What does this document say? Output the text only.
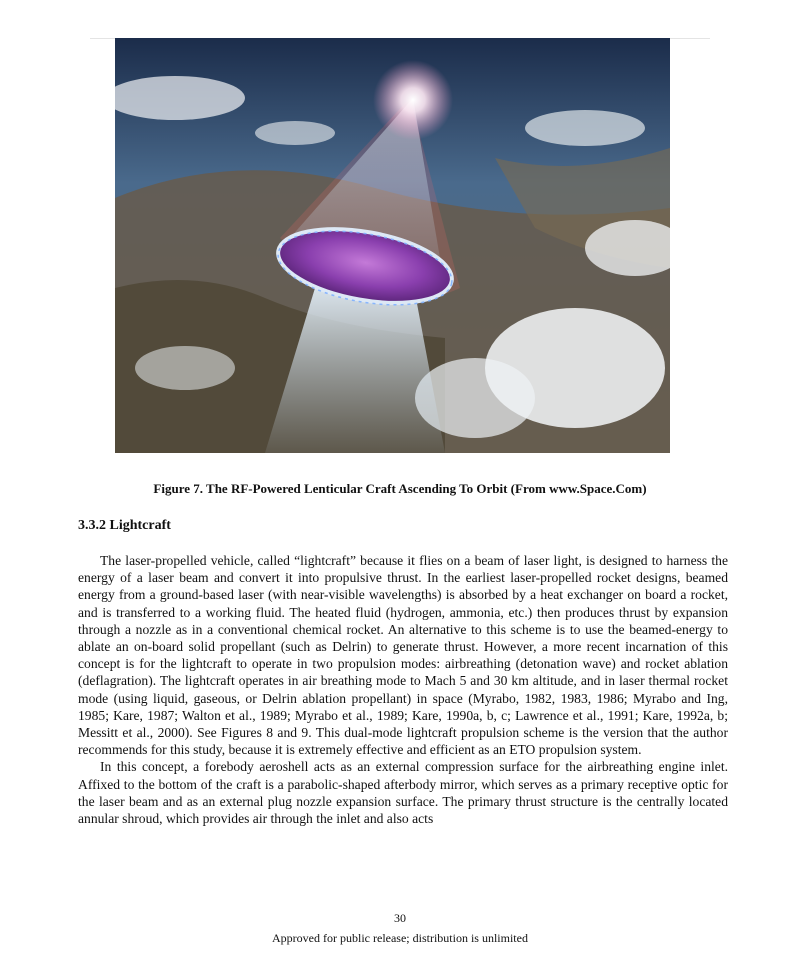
Figure 7. The RF-Powered Lenticular Craft Ascending To Orbit (From www.Space.Com)
3.3.2 Lightcraft

The laser-propelled vehicle, called “lightcraft” because it flies on a beam of laser light, is designed to harness the energy of a laser beam and convert it into propulsive thrust. In the earliest laser-propelled rocket designs, beamed energy from a ground-based laser (with near-visible wavelengths) is absorbed by a heat exchanger on board a rocket, and is transferred to a working fluid. The heated fluid (hydrogen, ammonia, etc.) then produces thrust by expansion through a nozzle as in a conventional chemical rocket. An alternative to this scheme is to use the beamed-energy to ablate an on-board solid propellant (such as Delrin) to generate thrust. However, a more recent incarnation of this concept is for the lightcraft to operate in two propulsion modes: airbreathing (detonation wave) and rocket ablation (deflagration). The lightcraft operates in air breathing mode to Mach 5 and 30 km altitude, and in laser thermal rocket mode (using liquid, gaseous, or Delrin ablation propellant) in space (Myrabo, 1982, 1983, 1986; Myrabo and Ing, 1985; Kare, 1987; Walton et al., 1989; Myrabo et al., 1989; Kare, 1990a, b, c; Lawrence et al., 1991; Kare, 1992a, b; Messitt et al., 2000). See Figures 8 and 9. This dual-mode lightcraft propulsion scheme is the version that the author recommends for this study, because it is extremely effective and efficient as an ETO propulsion system.

In this concept, a forebody aeroshell acts as an external compression surface for the airbreathing engine inlet. Affixed to the bottom of the craft is a parabolic-shaped afterbody mirror, which serves as a primary receptive optic for the laser beam and as an external plug nozzle expansion surface. The primary thrust structure is the centrally located annular shroud, which provides air through the inlet and also acts

30
Approved for public release; distribution is unlimited
